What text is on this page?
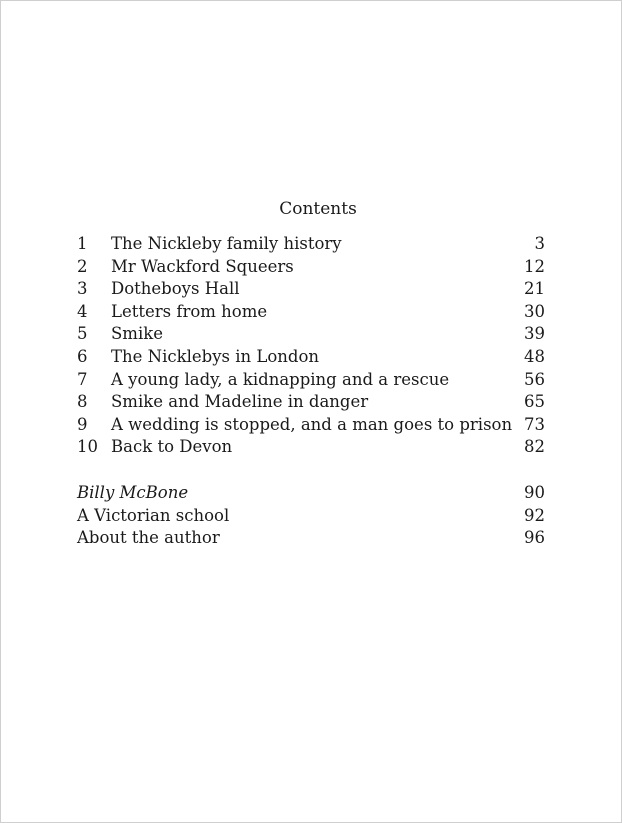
Contents
1	The Nickleby family history	3
2	Mr Wackford Squeers	12
3	Dotheboys Hall	21
4	Letters from home	30
5	Smike	39
6	The Nicklebys in London	48
7	A young lady, a kidnapping and a rescue	56
8	Smike and Madeline in danger	65
9	A wedding is stopped, and a man goes to prison 73
10 Back to Devon	82
Billy McBone	90
A Victorian school	92
About the author	96
